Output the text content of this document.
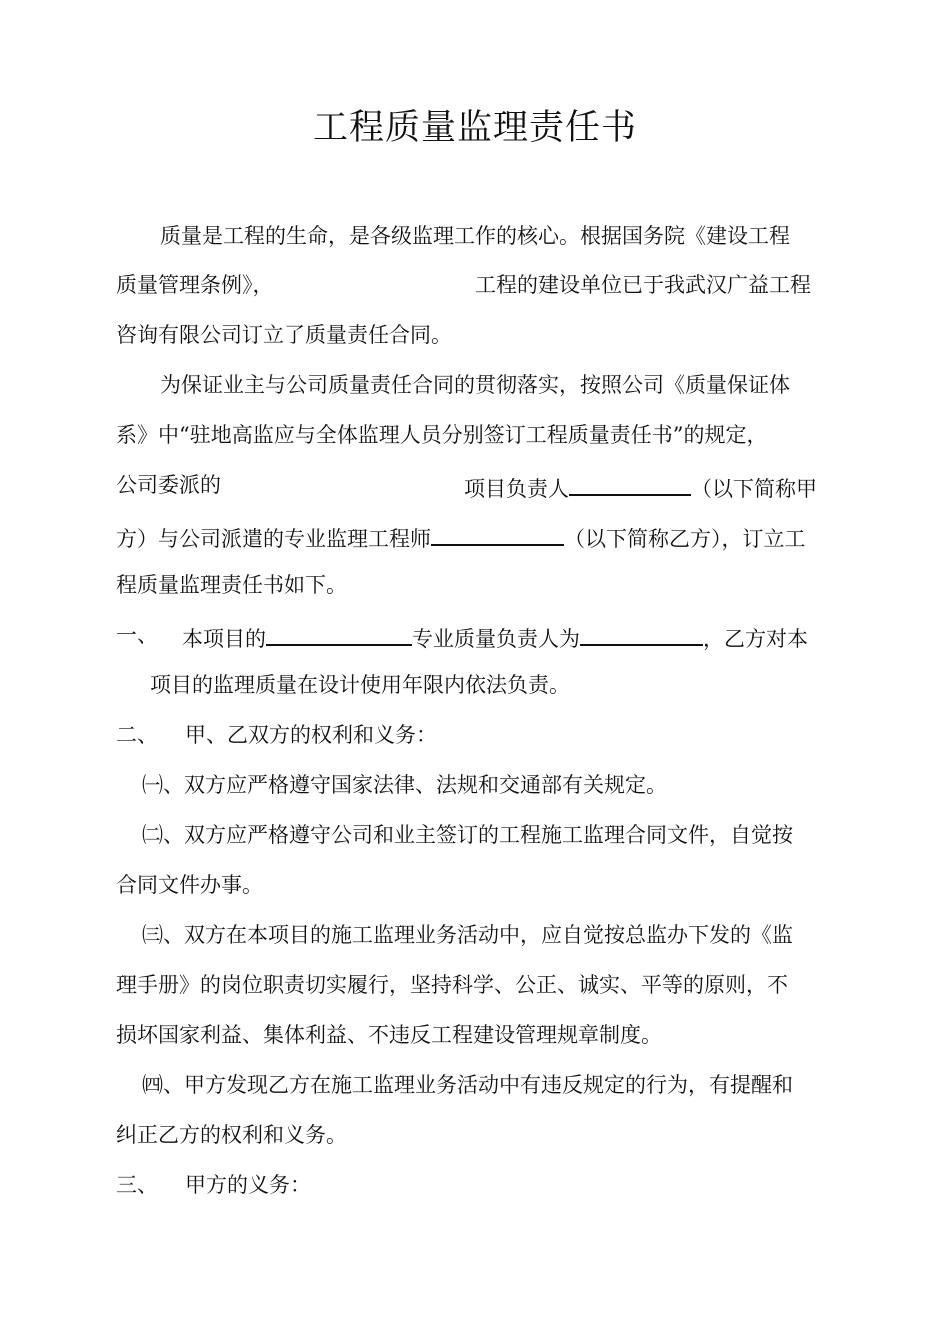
工程质量监理责任书
质量是工程的生命，是各级监理工作的核心。根据国务院《建设工程
质量管理条例》，	工程的建设单位已于我武汉广益工程
咨询有限公司订立了质量责任合同。
为保证业主与公司质量责任合同的贯彻落实，按照公司《质量保证体
系》中“驻地高监应与全体监理人员分别签订工程质量责任书”的规定，
公司委派的	项目负责人	（以下简称甲
方）与公司派遣的专业监理工程师	（以下简称乙方），订立工
程质量监理责任书如下。
一、 本项目的	专业质量负责人为	，乙方对本
项目的监理质量在设计使用年限内依法负责。
二、 甲、乙双方的权利和义务：
㈠、双方应严格遵守国家法律、法规和交通部有关规定。
㈡、双方应严格遵守公司和业主签订的工程施工监理合同文件，自觉按
合同文件办事。
㈢、双方在本项目的施工监理业务活动中，应自觉按总监办下发的《监
理手册》的岗位职责切实履行，坚持科学、公正、诚实、平等的原则，不
损坏国家利益、集体利益、不违反工程建设管理规章制度。
㈣、甲方发现乙方在施工监理业务活动中有违反规定的行为，有提醒和
纠正乙方的权利和义务。
三、 甲方的义务：
